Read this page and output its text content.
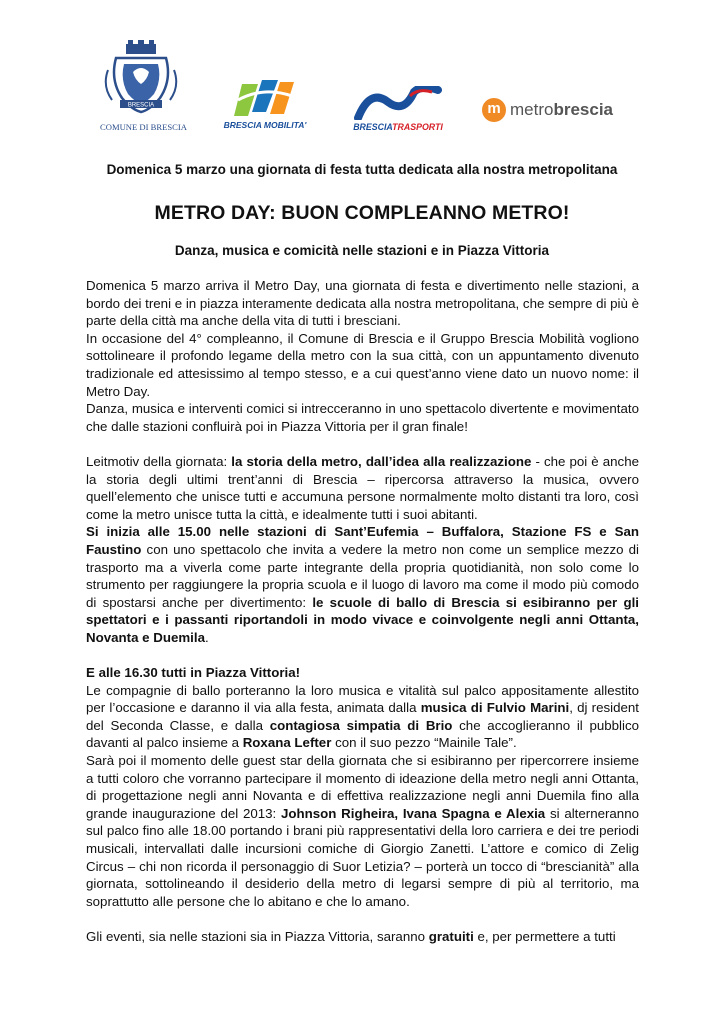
BRESCIA
COMUNE DI BRESCIA	BRESCIA MOBILITA'	BRESCIATRASPORTI
m metrobrescia
Domenica 5 marzo una giornata di festa tutta dedicata alla nostra metropolitana
METRO DAY: BUON COMPLEANNO METRO!
Danza, musica e comicità nelle stazioni e in Piazza Vittoria

Domenica 5 marzo arriva il Metro Day, una giornata di festa e divertimento nelle stazioni, a bordo dei treni e in piazza interamente dedicata alla nostra metropolitana, che sempre di più è parte della città ma anche della vita di tutti i bresciani.

In occasione del 4° compleanno, il Comune di Brescia e il Gruppo Brescia Mobilità vogliono sottolineare il profondo legame della metro con la sua città, con un appuntamento divenuto tradizionale ed attesissimo al tempo stesso, e a cui quest’anno viene dato un nuovo nome: il Metro Day.

Danza, musica e interventi comici si intrecceranno in uno spettacolo divertente e movimentato che dalle stazioni confluirà poi in Piazza Vittoria per il gran finale!

Leitmotiv della giornata: la storia della metro, dall’idea alla realizzazione - che poi è anche la storia degli ultimi trent’anni di Brescia – ripercorsa attraverso la musica, ovvero quell’elemento che unisce tutti e accumuna persone normalmente molto distanti tra loro, così come la metro unisce tutta la città, e idealmente tutti i suoi abitanti.

Si inizia alle 15.00 nelle stazioni di Sant’Eufemia – Buffalora, Stazione FS e San Faustino con uno spettacolo che invita a vedere la metro non come un semplice mezzo di trasporto ma a viverla come parte integrante della propria quotidianità, non solo come lo strumento per raggiungere la propria scuola e il luogo di lavoro ma come il modo più comodo di spostarsi anche per divertimento: le scuole di ballo di Brescia si esibiranno per gli spettatori e i passanti riportandoli in modo vivace e coinvolgente negli anni Ottanta, Novanta e Duemila.

E alle 16.30 tutti in Piazza Vittoria!

Le compagnie di ballo porteranno la loro musica e vitalità sul palco appositamente allestito per l’occasione e daranno il via alla festa, animata dalla musica di Fulvio Marini, dj resident del Seconda Classe, e dalla contagiosa simpatia di Brio che accoglieranno il pubblico davanti al palco insieme a Roxana Lefter con il suo pezzo “Mainile Tale”.

Sarà poi il momento delle guest star della giornata che si esibiranno per ripercorrere insieme a tutti coloro che vorranno partecipare il momento di ideazione della metro negli anni Ottanta, di progettazione negli anni Novanta e di effettiva realizzazione negli anni Duemila fino alla grande inaugurazione del 2013: Johnson Righeira, Ivana Spagna e Alexia si alterneranno sul palco fino alle 18.00 portando i brani più rappresentativi della loro carriera e dei tre periodi musicali, intervallati dalle incursioni comiche di Giorgio Zanetti. L’attore e comico di Zelig Circus – chi non ricorda il personaggio di Suor Letizia? – porterà un tocco di “brescianità” alla giornata, sottolineando il desiderio della metro di legarsi sempre di più al territorio, ma soprattutto alle persone che lo abitano e che lo amano.

Gli eventi, sia nelle stazioni sia in Piazza Vittoria, saranno gratuiti e, per permettere a tutti
